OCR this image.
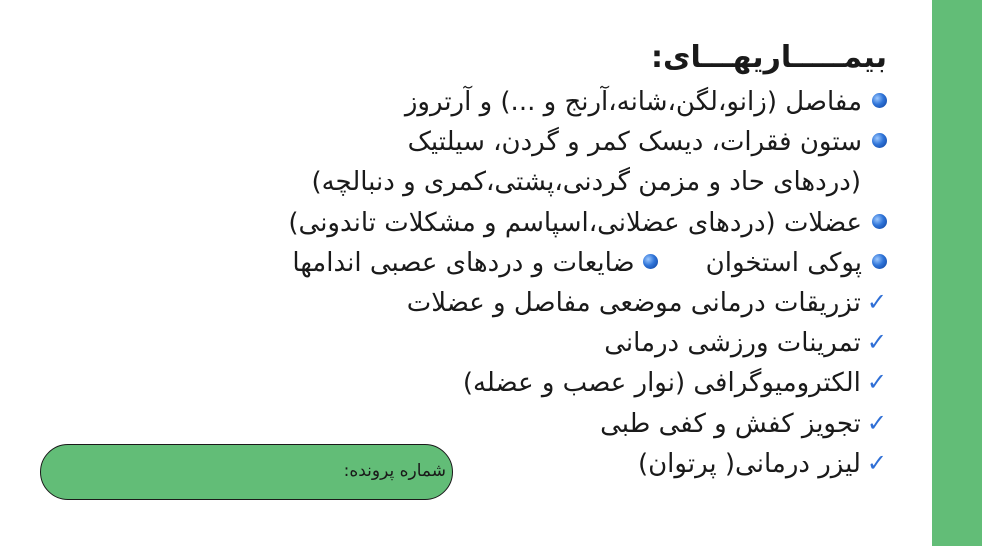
بیمـــــاریهـــای:
مفاصل (زانو،لگن،شانه،آرنج و ...) و آرتروز
ستون فقرات، دیسک کمر و گردن، سیلتیک
(دردهای حاد و مزمن گردنی،پشتی،کمری و دنبالچه)
عضلات (دردهای عضلانی،اسپاسم و مشکلات تاندونی)
پوکی استخوانضایعات و دردهای عصبی اندامها
✓تزریقات درمانی موضعی مفاصل و عضلات
✓تمرینات ورزشی درمانی
✓الکترومیوگرافی (نوار عصب و عضله)
✓تجویز کفش و کفی طبی
✓لیزر درمانی( پرتوان)
شماره پرونده:
